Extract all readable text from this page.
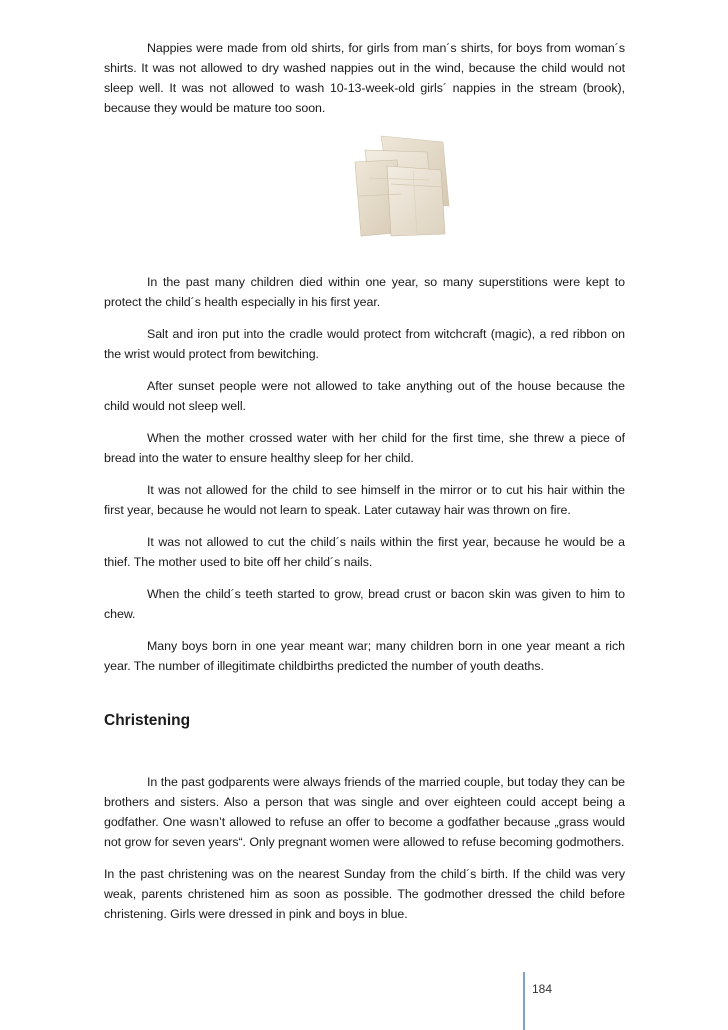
Nappies were made from old shirts, for girls from man´s shirts, for boys from woman´s shirts. It was not allowed to dry washed nappies out in the wind, because the child would not sleep well. It was not allowed to wash 10-13-week-old girls´ nappies in the stream (brook), because they would be mature too soon.

In the past many children died within one year, so many superstitions were kept to protect the child´s health especially in his first year.

Salt and iron put into the cradle would protect from witchcraft (magic), a red ribbon on the wrist would protect from bewitching.

After sunset people were not allowed to take anything out of the house because the child would not sleep well.

When the mother crossed water with her child for the first time, she threw a piece of bread into the water to ensure healthy sleep for her child.

It was not allowed for the child to see himself in the mirror or to cut his hair within the first year, because he would not learn to speak. Later cutaway hair was thrown on fire.

It was not allowed to cut the child´s nails within the first year, because he would be a thief. The mother used to bite off her child´s nails.

When the child´s teeth started to grow, bread crust or bacon skin was given to him to chew.

Many boys born in one year meant war; many children born in one year meant a rich year. The number of illegitimate childbirths predicted the number of youth deaths.

Christening

In the past godparents were always friends of the married couple, but today they can be brothers and sisters. Also a person that was single and over eighteen could accept being a godfather. One wasn’t allowed to refuse an offer to become a godfather because „grass would not grow for seven years“. Only pregnant women were allowed to refuse becoming godmothers.

In the past christening was on the nearest Sunday from the child´s birth. If the child was very weak, parents christened him as soon as possible. The godmother dressed the child before christening. Girls were dressed in pink and boys in blue.

184
